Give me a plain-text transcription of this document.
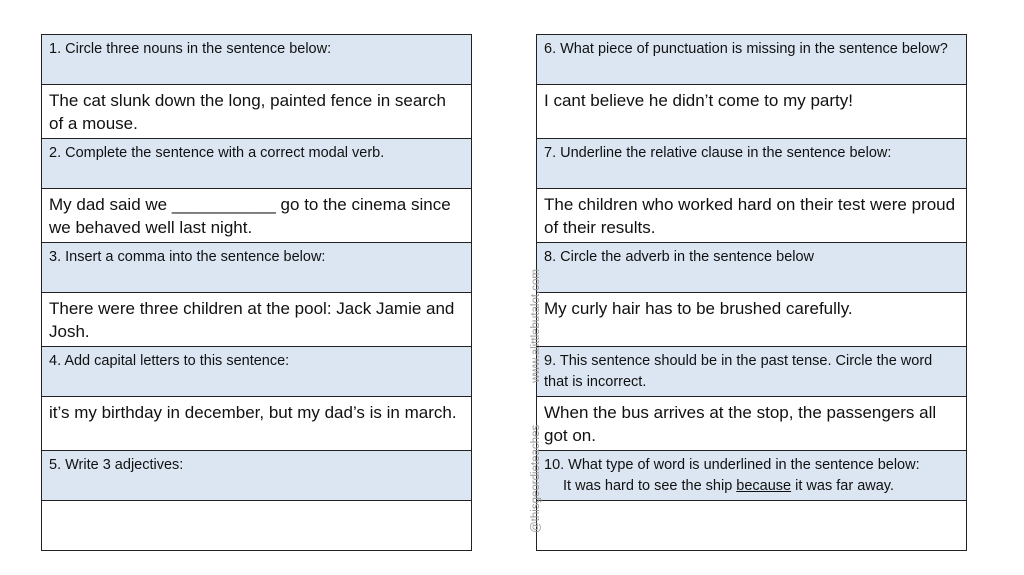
1. Circle three nouns in the sentence below:
The cat slunk down the long, painted fence in search of a mouse.
2. Complete the sentence with a correct modal verb.
My dad said we ___________ go to the cinema since we behaved well last night.
3. Insert a comma into the sentence below:
There were three children at the pool: Jack Jamie and Josh.
4. Add capital letters to this sentence:
it’s my birthday in december, but my dad’s is in march.
5. Write 3 adjectives:
6. What piece of punctuation is missing in the sentence below?
I cant believe he didn’t come to my party!
7. Underline the relative clause in the sentence below:
The children who worked hard on their test were proud of their results.
8. Circle the adverb in the sentence below
My curly hair has to be brushed carefully.
9. This sentence should be in the past tense. Circle the word that is incorrect.
When the bus arrives at the stop, the passengers all got on.
10. What type of word is underlined in the sentence below:
It was hard to see the ship because it was far away.
@thisgeordieteacheswww.alittlebutalot.com
